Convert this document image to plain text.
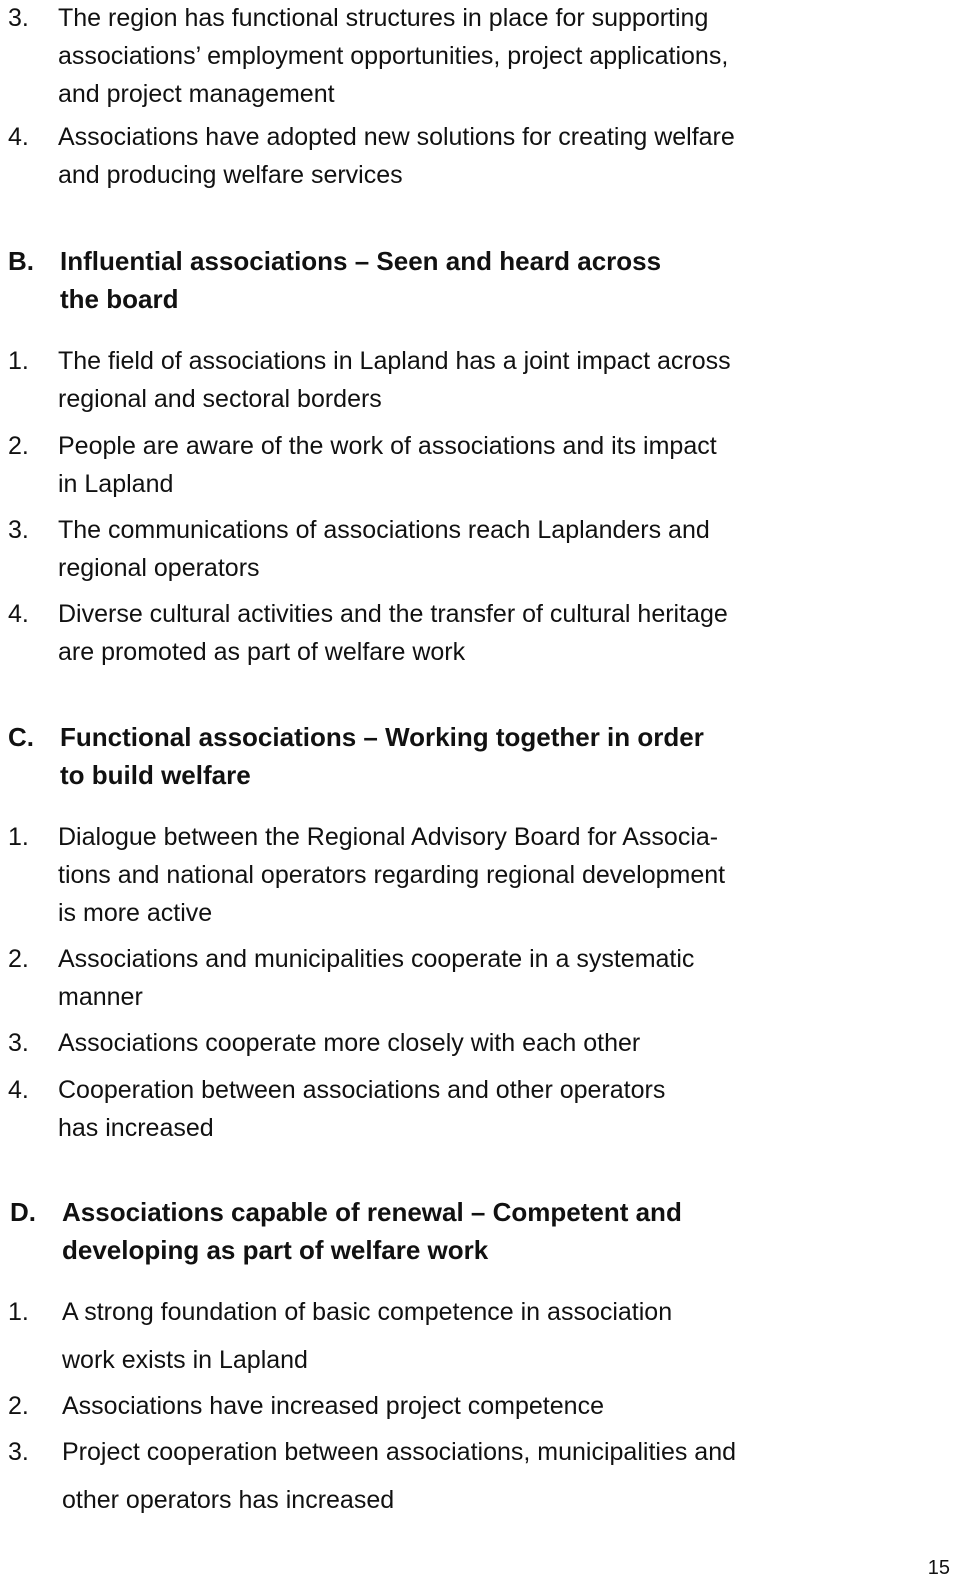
3. The region has functional structures in place for supporting
associations’ employment opportunities, project applications,
and project management
4. Associations have adopted new solutions for creating welfare
and producing welfare services
B. Influential associations – Seen and heard across
the board
1. The field of associations in Lapland has a joint impact across
regional and sectoral borders
2. People are aware of the work of associations and its impact
in Lapland
3. The communications of associations reach Laplanders and
regional operators
4. Diverse cultural activities and the transfer of cultural heritage
are promoted as part of welfare work
C. Functional associations – Working together in order
to build welfare
1. Dialogue between the Regional Advisory Board for Associa-
tions and national operators regarding regional development
is more active
2. Associations and municipalities cooperate in a systematic
manner
3. Associations cooperate more closely with each other
4. Cooperation between associations and other operators
has increased
D. Associations capable of renewal – Competent and
developing as part of welfare work
1. A strong foundation of basic competence in association
work exists in Lapland
2. Associations have increased project competence
3. Project cooperation between associations, municipalities and
other operators has increased
15
